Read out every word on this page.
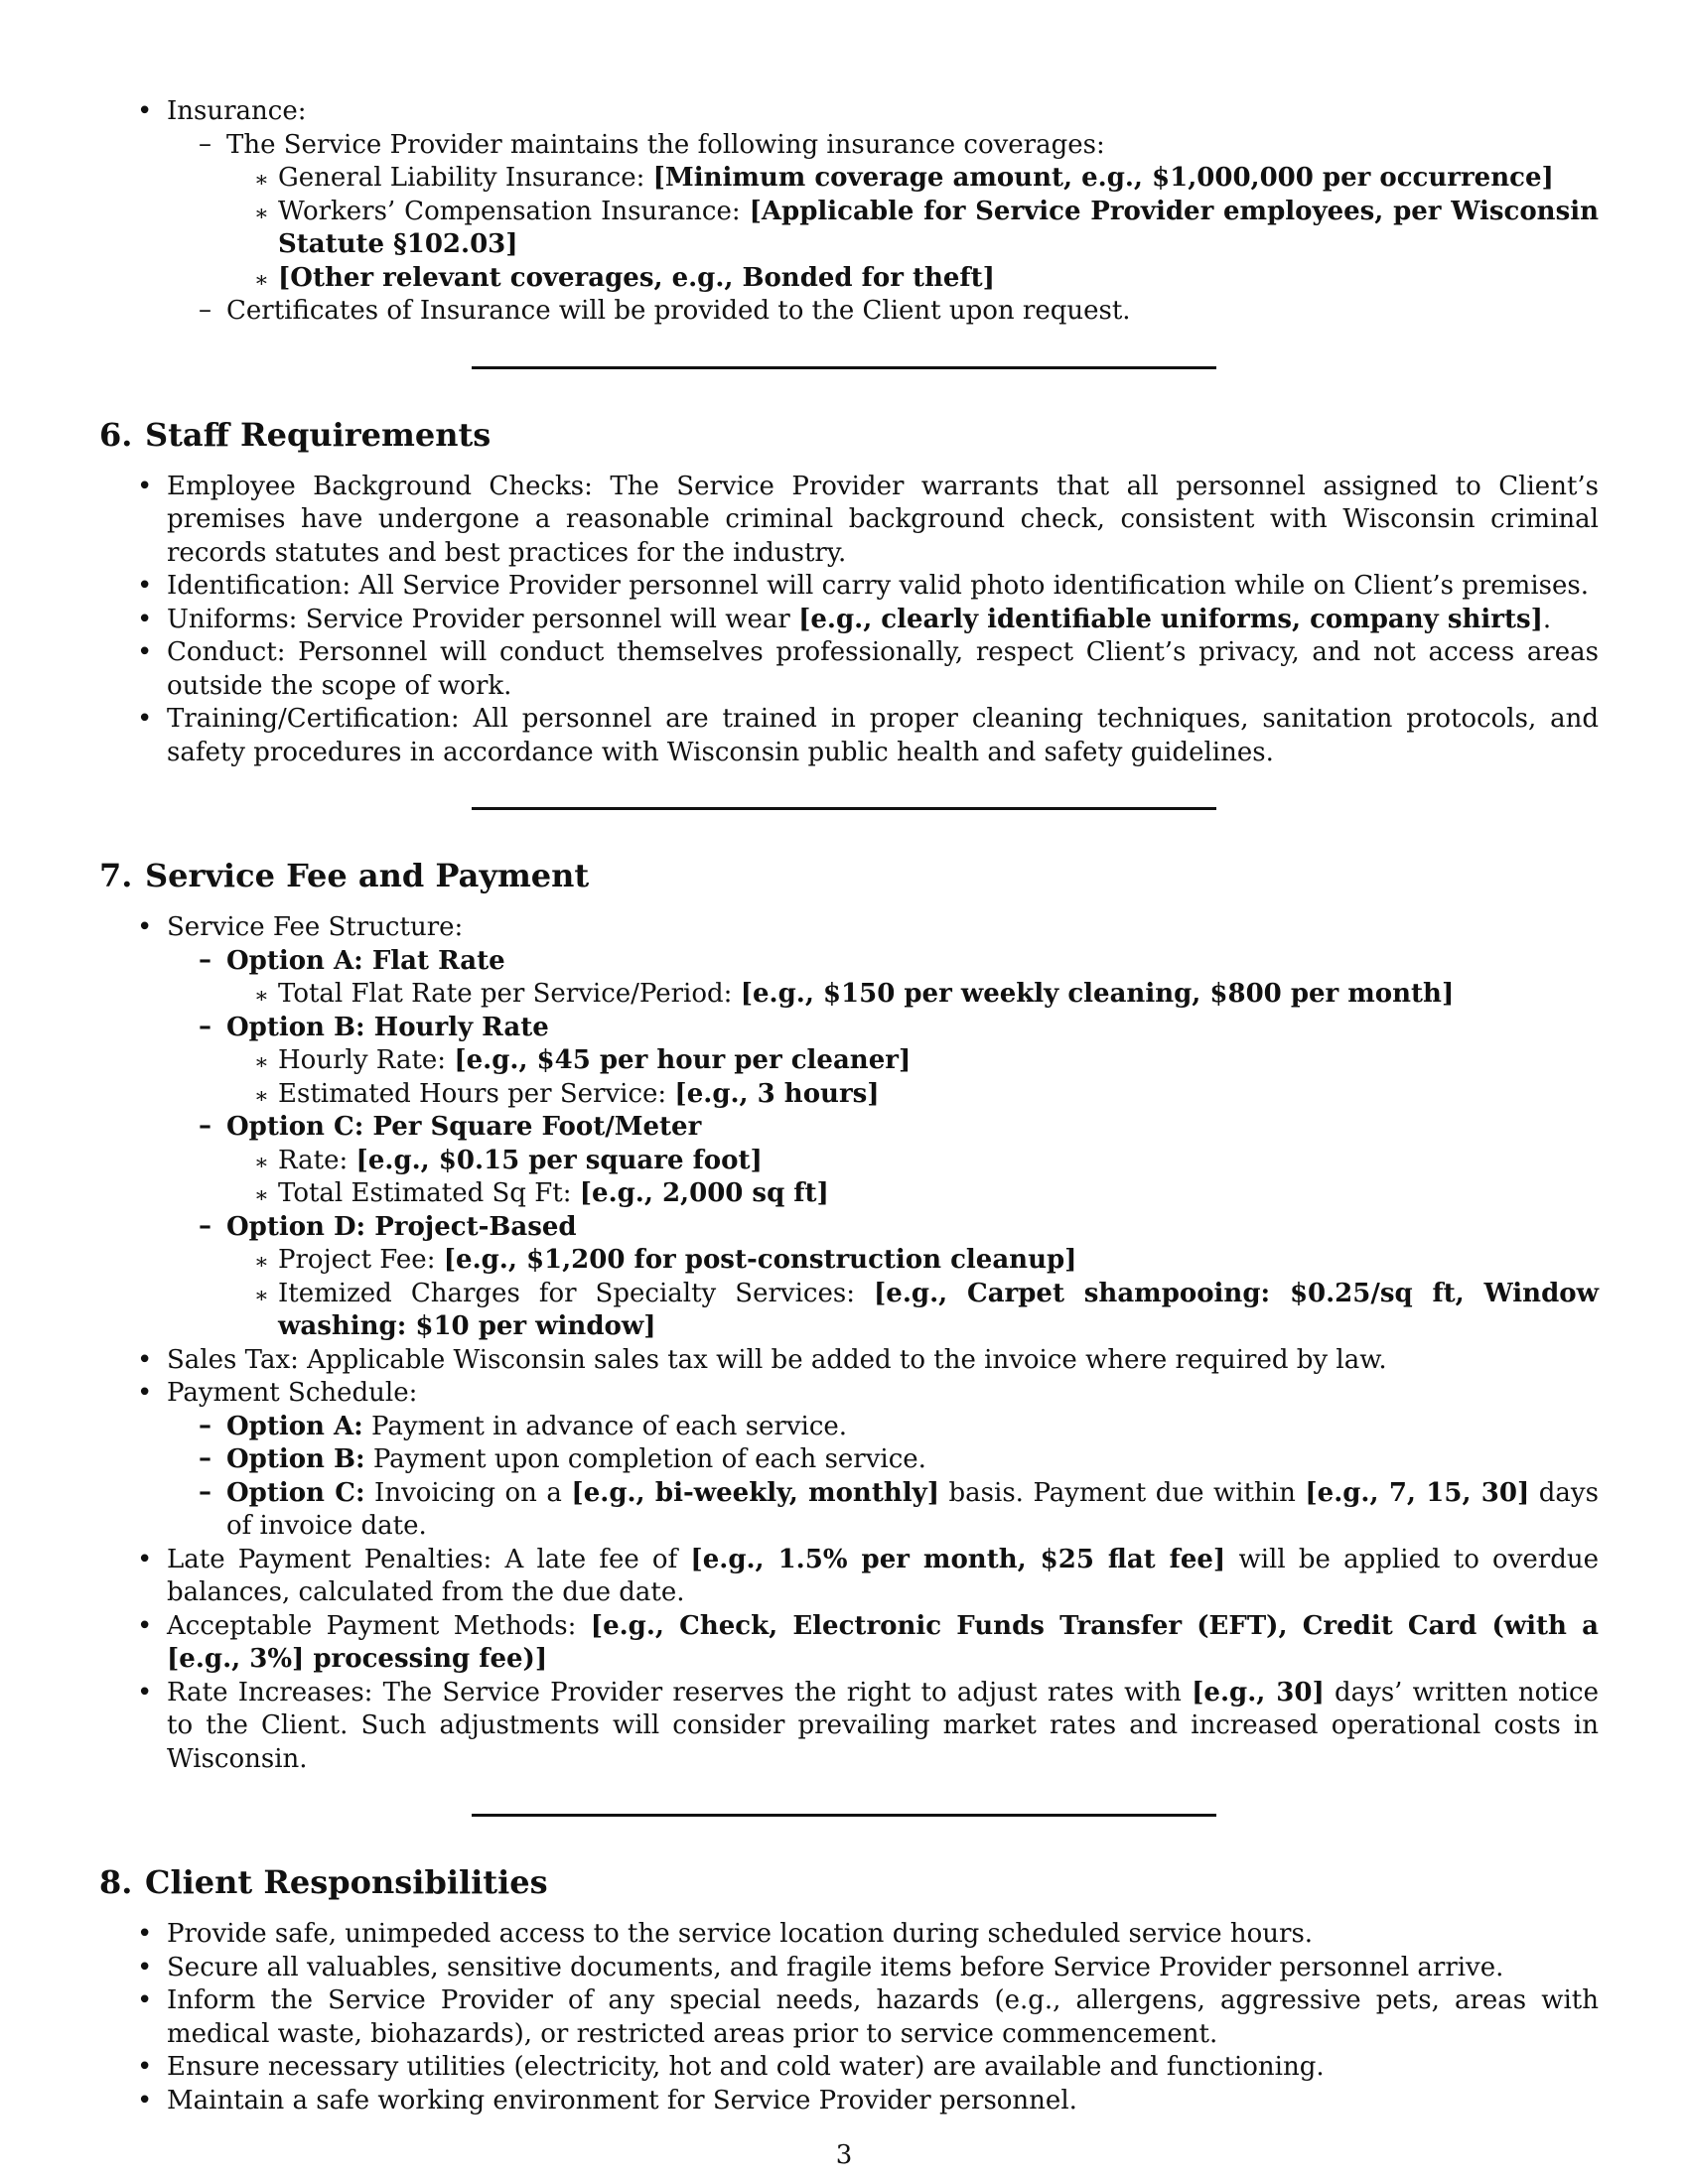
• Insurance:
– The Service Provider maintains the following insurance coverages:
∗ General Liability Insurance: [Minimum coverage amount, e.g., $1,000,000 per occurrence]
∗ Workers’ Compensation Insurance: [Applicable for Service Provider employees, per Wisconsin Statute §102.03]
∗ [Other relevant coverages, e.g., Bonded for theft]
– Certificates of Insurance will be provided to the Client upon request.
6. Staff Requirements
• Employee Background Checks: The Service Provider warrants that all personnel assigned to Client’s premises have undergone a reasonable criminal background check, consistent with Wisconsin criminal records statutes and best practices for the industry.
• Identification: All Service Provider personnel will carry valid photo identification while on Client’s premises.
• Uniforms: Service Provider personnel will wear [e.g., clearly identifiable uniforms, company shirts].
• Conduct: Personnel will conduct themselves professionally, respect Client’s privacy, and not access areas outside the scope of work.
• Training/Certification: All personnel are trained in proper cleaning techniques, sanitation protocols, and safety procedures in accordance with Wisconsin public health and safety guidelines.
7. Service Fee and Payment
• Service Fee Structure:
– Option A: Flat Rate
∗ Total Flat Rate per Service/Period: [e.g., $150 per weekly cleaning, $800 per month]
– Option B: Hourly Rate
∗ Hourly Rate: [e.g., $45 per hour per cleaner]
∗ Estimated Hours per Service: [e.g., 3 hours]
– Option C: Per Square Foot/Meter
∗ Rate: [e.g., $0.15 per square foot]
∗ Total Estimated Sq Ft: [e.g., 2,000 sq ft]
– Option D: Project-Based
∗ Project Fee: [e.g., $1,200 for post-construction cleanup]
∗ Itemized Charges for Specialty Services: [e.g., Carpet shampooing: $0.25/sq ft, Window washing: $10 per window]
• Sales Tax: Applicable Wisconsin sales tax will be added to the invoice where required by law.
• Payment Schedule:
– Option A: Payment in advance of each service.
– Option B: Payment upon completion of each service.
– Option C: Invoicing on a [e.g., bi-weekly, monthly] basis. Payment due within [e.g., 7, 15, 30] days of invoice date.
• Late Payment Penalties: A late fee of [e.g., 1.5% per month, $25 flat fee] will be applied to overdue balances, calculated from the due date.
• Acceptable Payment Methods: [e.g., Check, Electronic Funds Transfer (EFT), Credit Card (with a [e.g., 3%] processing fee)]
• Rate Increases: The Service Provider reserves the right to adjust rates with [e.g., 30] days’ written notice to the Client. Such adjustments will consider prevailing market rates and increased operational costs in Wisconsin.
8. Client Responsibilities
• Provide safe, unimpeded access to the service location during scheduled service hours.
• Secure all valuables, sensitive documents, and fragile items before Service Provider personnel arrive.
• Inform the Service Provider of any special needs, hazards (e.g., allergens, aggressive pets, areas with medical waste, biohazards), or restricted areas prior to service commencement.
• Ensure necessary utilities (electricity, hot and cold water) are available and functioning.
• Maintain a safe working environment for Service Provider personnel.
3
